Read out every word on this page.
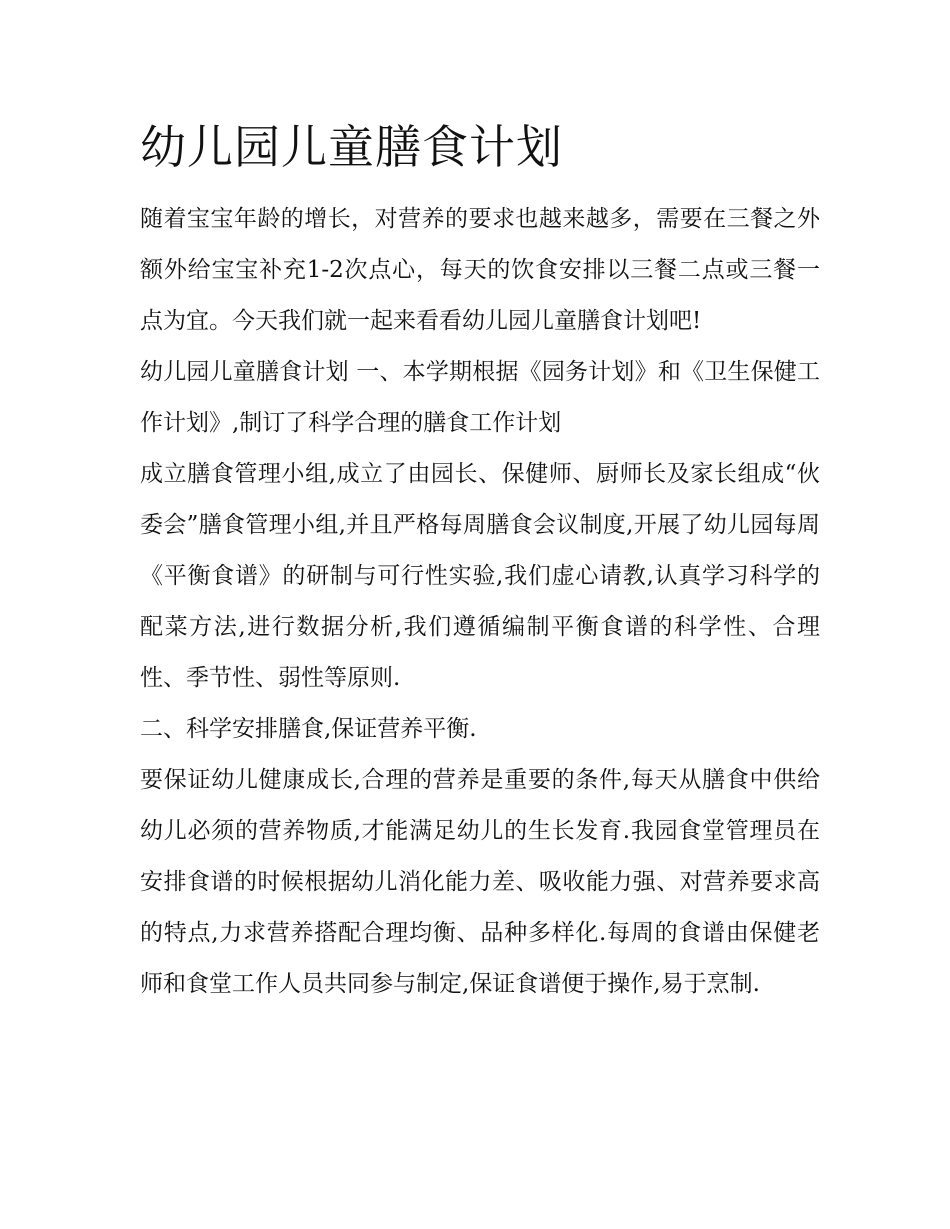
幼儿园儿童膳食计划

随着宝宝年龄的增长，对营养的要求也越来越多，需要在三餐之外额外给宝宝补充1-2次点心，每天的饮食安排以三餐二点或三餐一点为宜。今天我们就一起来看看幼儿园儿童膳食计划吧!

幼儿园儿童膳食计划 一、本学期根据《园务计划》和《卫生保健工作计划》,制订了科学合理的膳食工作计划

成立膳食管理小组,成立了由园长、保健师、厨师长及家长组成“伙委会”膳食管理小组,并且严格每周膳食会议制度,开展了幼儿园每周《平衡食谱》的研制与可行性实验,我们虚心请教,认真学习科学的配菜方法,进行数据分析,我们遵循编制平衡食谱的科学性、合理性、季节性、弱性等原则.

二、科学安排膳食,保证营养平衡.

要保证幼儿健康成长,合理的营养是重要的条件,每天从膳食中供给幼儿必须的营养物质,才能满足幼儿的生长发育.我园食堂管理员在安排食谱的时候根据幼儿消化能力差、吸收能力强、对营养要求高的特点,力求营养搭配合理均衡、品种多样化.每周的食谱由保健老师和食堂工作人员共同参与制定,保证食谱便于操作,易于烹制.
